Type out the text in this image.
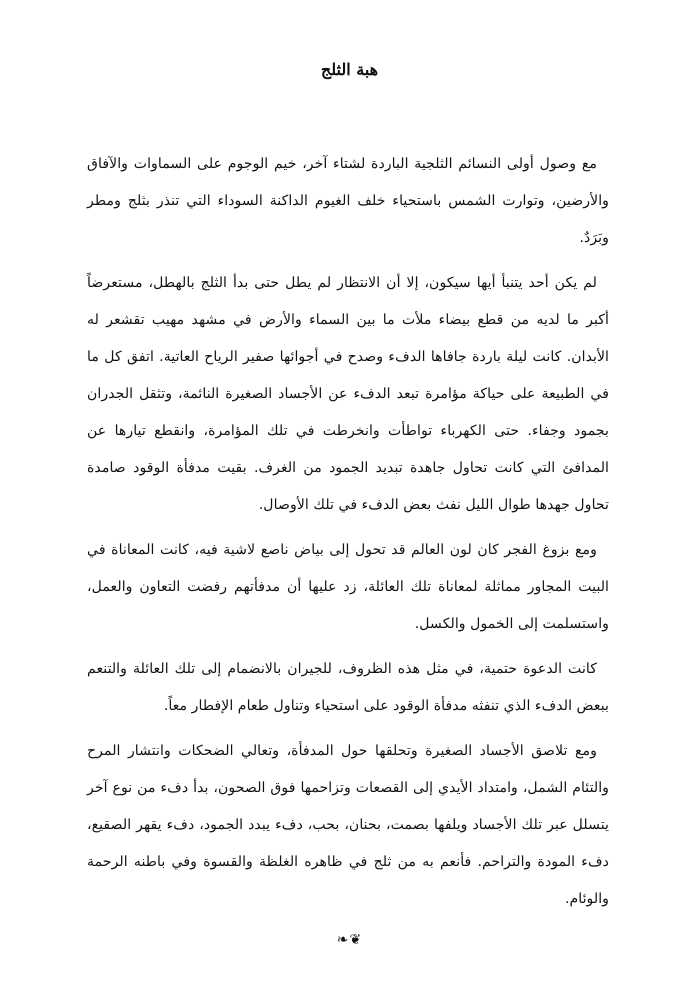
هبة الثلج

مع وصول أولى النسائم الثلجية الباردة لشتاء آخر، خيم الوجوم على السماوات والآفاق والأرضين، وتوارت الشمس باستحياء خلف الغيوم الداكنة السوداء التي تنذر بثلج ومطر وبَرَدٌ.

لم يكن أحد يتنبأ أيها سيكون، إلا أن الانتظار لم يطل حتى بدأ الثلج بالهطل، مستعرضاً أكبر ما لديه من قطع بيضاء ملأت ما بين السماء والأرض في مشهد مهيب تقشعر له الأبدان. كانت ليلة باردة جافاها الدفء وصدح في أجوائها صفير الرياح العاتية. اتفق كل ما في الطبيعة على حياكة مؤامرة تبعد الدفء عن الأجساد الصغيرة النائمة، وتثقل الجدران بجمود وجفاء. حتى الكهرباء تواطأت وانخرطت في تلك المؤامرة، وانقطع تيارها عن المدافئ التي كانت تحاول جاهدة تبديد الجمود من الغرف. بقيت مدفأة الوقود صامدة تحاول جهدها طوال الليل نفث بعض الدفء في تلك الأوصال.

ومع بزوغ الفجر كان لون العالم قد تحول إلى بياض ناصع لاشية فيه، كانت المعاناة في البيت المجاور مماثلة لمعاناة تلك العائلة، زد عليها أن مدفأتهم رفضت التعاون والعمل، واستسلمت إلى الخمول والكسل.

كانت الدعوة حتمية، في مثل هذه الظروف، للجيران بالانضمام إلى تلك العائلة والتنعم ببعض الدفء الذي تنفثه مدفأة الوقود على استحياء وتناول طعام الإفطار معاً.

ومع تلاصق الأجساد الصغيرة وتحلقها حول المدفأة، وتعالي الضحكات وانتشار المرح والتئام الشمل، وامتداد الأيدي إلى القصعات وتزاحمها فوق الصحون، بدأ دفء من نوع آخر يتسلل عبر تلك الأجساد ويلفها بصمت، بحنان، بحب، دفء يبدد الجمود، دفء يقهر الصقيع، دفء المودة والتراحم. فأنعم به من ثلج في ظاهره الغلظة والقسوة وفي باطنه الرحمة والوئام.

❦❧
